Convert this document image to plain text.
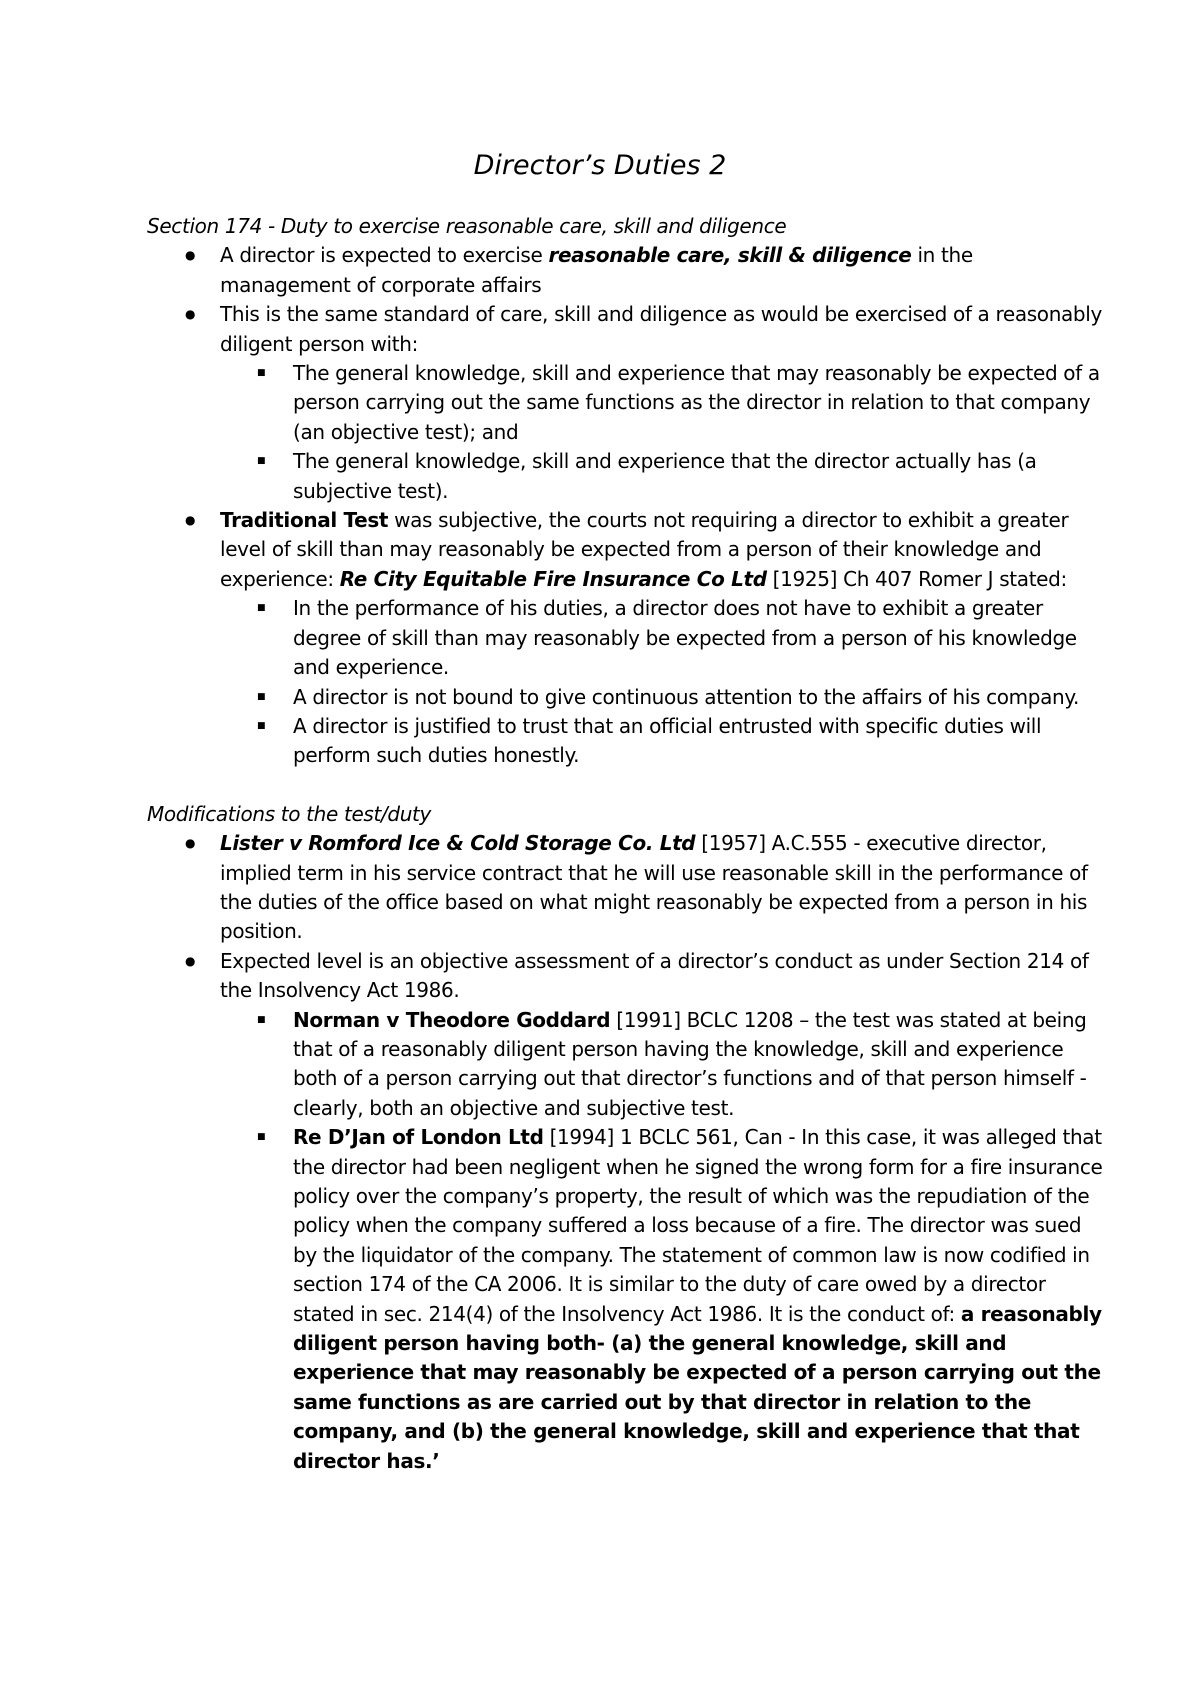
Director’s Duties 2
Section 174 - Duty to exercise reasonable care, skill and diligence
● A director is expected to exercise reasonable care, skill & diligence in the management of corporate affairs
● This is the same standard of care, skill and diligence as would be exercised of a reasonably diligent person with:
■ The general knowledge, skill and experience that may reasonably be expected of a person carrying out the same functions as the director in relation to that company (an objective test); and
■ The general knowledge, skill and experience that the director actually has (a subjective test).
● Traditional Test was subjective, the courts not requiring a director to exhibit a greater level of skill than may reasonably be expected from a person of their knowledge and experience: Re City Equitable Fire Insurance Co Ltd [1925] Ch 407 Romer J stated:
■ In the performance of his duties, a director does not have to exhibit a greater degree of skill than may reasonably be expected from a person of his knowledge and experience.
■ A director is not bound to give continuous attention to the affairs of his company.
■ A director is justified to trust that an official entrusted with specific duties will perform such duties honestly.
Modifications to the test/duty
● Lister v Romford Ice & Cold Storage Co. Ltd [1957] A.C.555 - executive director, implied term in his service contract that he will use reasonable skill in the performance of the duties of the office based on what might reasonably be expected from a person in his position.
● Expected level is an objective assessment of a director’s conduct as under Section 214 of the Insolvency Act 1986.
■ Norman v Theodore Goddard [1991] BCLC 1208 – the test was stated at being that of a reasonably diligent person having the knowledge, skill and experience both of a person carrying out that director’s functions and of that person himself - clearly, both an objective and subjective test.
■ Re D’Jan of London Ltd [1994] 1 BCLC 561, Can - In this case, it was alleged that the director had been negligent when he signed the wrong form for a fire insurance policy over the company’s property, the result of which was the repudiation of the policy when the company suffered a loss because of a fire. The director was sued by the liquidator of the company. The statement of common law is now codified in section 174 of the CA 2006. It is similar to the duty of care owed by a director stated in sec. 214(4) of the Insolvency Act 1986. It is the conduct of: a reasonably diligent person having both- (a) the general knowledge, skill and experience that may reasonably be expected of a person carrying out the same functions as are carried out by that director in relation to the company, and (b) the general knowledge, skill and experience that that director has.’
